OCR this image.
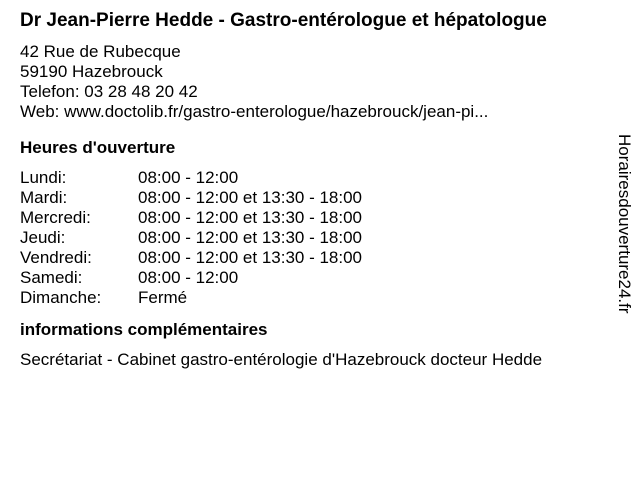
Dr Jean-Pierre Hedde - Gastro-entérologue et hépatologue
42 Rue de Rubecque
59190 Hazebrouck
Telefon: 03 28 48 20 42
Web: www.doctolib.fr/gastro-enterologue/hazebrouck/jean-pi...
Heures d'ouverture
Lundi:	08:00 - 12:00
Mardi:	08:00 - 12:00 et 13:30 - 18:00
Mercredi:	08:00 - 12:00 et 13:30 - 18:00
Jeudi:	08:00 - 12:00 et 13:30 - 18:00
Vendredi:	08:00 - 12:00 et 13:30 - 18:00
Samedi:	08:00 - 12:00
Dimanche:	Fermé
informations complémentaires
Secrétariat - Cabinet gastro-entérologie d'Hazebrouck docteur Hedde
Horairesdouverture24.fr
